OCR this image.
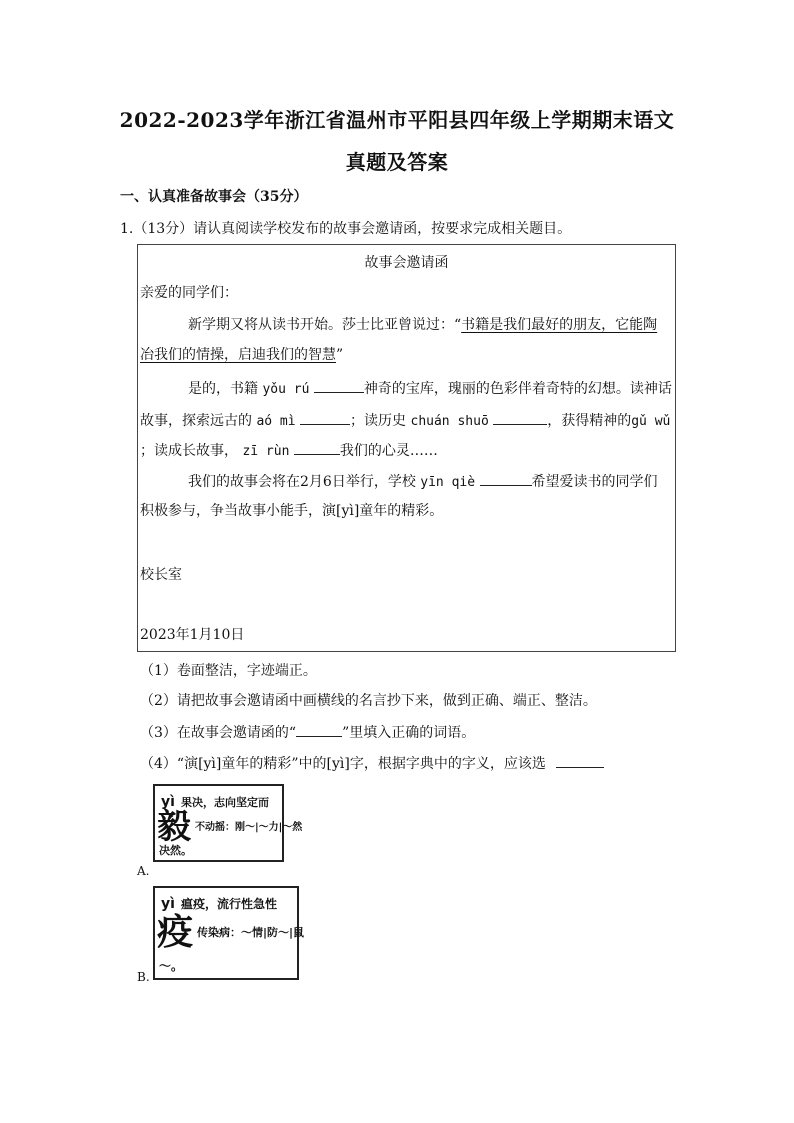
2022-2023学年浙江省温州市平阳县四年级上学期期末语文
真题及答案
一、认真准备故事会（35分）
1.（13分）请认真阅读学校发布的故事会邀请函，按要求完成相关题目。
故事会邀请函
亲爱的同学们：
新学期又将从读书开始。莎士比亚曾说过：“书籍是我们最好的朋友，它能陶
冶我们的情操，启迪我们的智慧”
是的，书籍 yǒu rú	神奇的宝库，瑰丽的色彩伴着奇特的幻想。读神话
故事，探索远古的 aó mì	；读历史 chuán shuō	，获得精神的gǔ wǔ
；读成长故事， zī rùn	我们的心灵……
我们的故事会将在2月6日举行，学校 yīn qiè	希望爱读书的同学们
积极参与，争当故事小能手，演[yì]童年的精彩。
校长室
2023年1月10日
（1）卷面整洁，字迹端正。
（2）请把故事会邀请函中画横线的名言抄下来，做到正确、端正、整洁。
（3）在故事会邀请函的“	”里填入正确的词语。
（4）“演[yì]童年的精彩”中的[yì]字，根据字典中的字义，应该选
毅
yì 果决，志向坚定而
不动摇：刚～|～力|～然
决然。
A.
疫
yì 瘟疫，流行性急性
传染病：～情|防～|鼠
～。
B.
